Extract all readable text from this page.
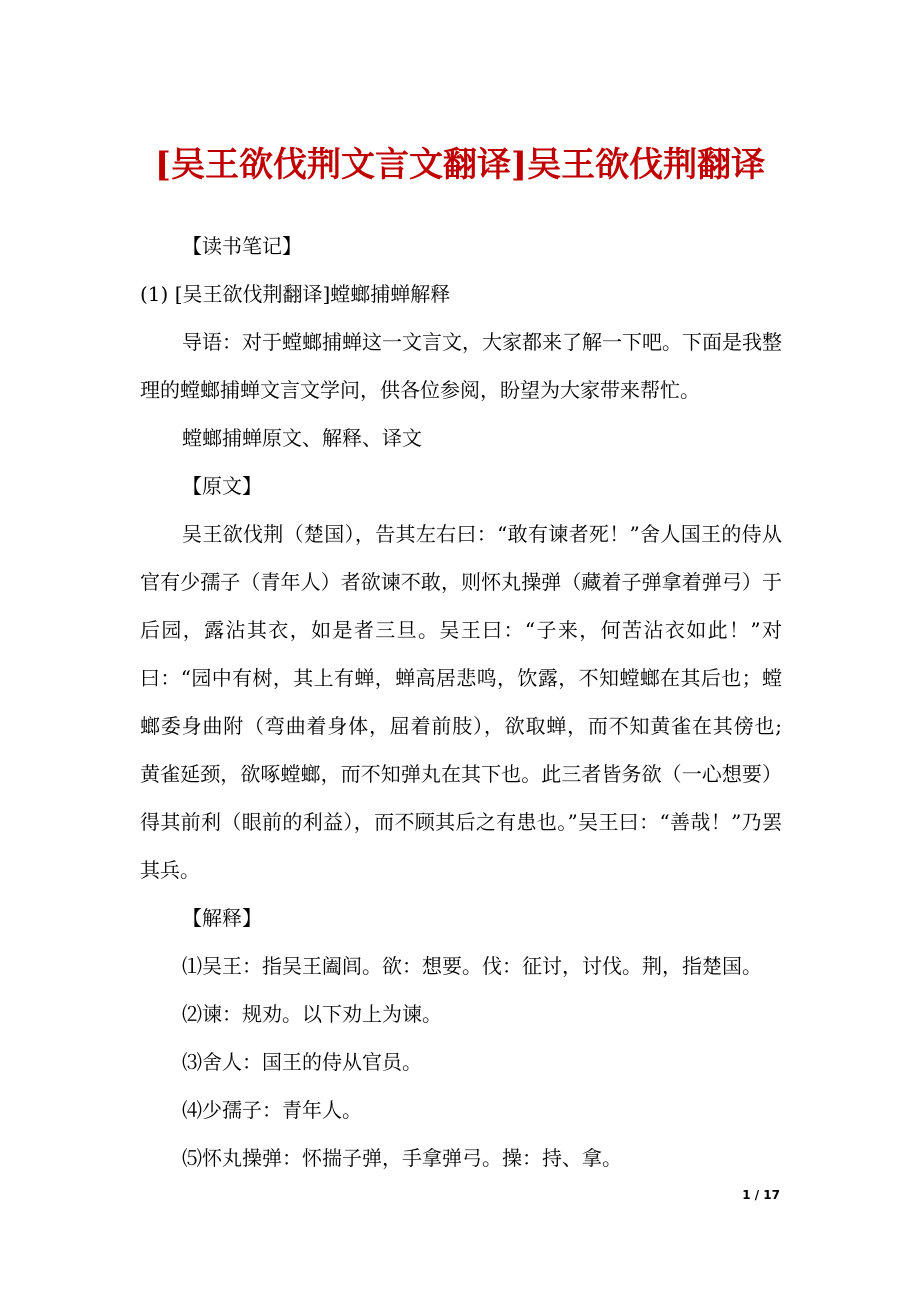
[吴王欲伐荆文言文翻译]吴王欲伐荆翻译
【读书笔记】
(1) [吴王欲伐荆翻译]螳螂捕蝉解释

导语：对于螳螂捕蝉这一文言文，大家都来了解一下吧。下面是我整理的螳螂捕蝉文言文学问，供各位参阅，盼望为大家带来帮忙。

螳螂捕蝉原文、解释、译文
【原文】

吴王欲伐荆（楚国），告其左右曰：“敢有谏者死！”舍人国王的侍从官有少孺子（青年人）者欲谏不敢，则怀丸操弹（藏着子弹拿着弹弓）于后园，露沾其衣，如是者三旦。吴王曰：“子来，何苦沾衣如此！”对曰：“园中有树，其上有蝉，蝉高居悲鸣，饮露，不知螳螂在其后也；螳螂委身曲附（弯曲着身体，屈着前肢），欲取蝉，而不知黄雀在其傍也; 黄雀延颈，欲啄螳螂，而不知弹丸在其下也。此三者皆务欲（一心想要）得其前利（眼前的利益），而不顾其后之有患也。”吴王曰：“善哉！”乃罢其兵。

【解释】
⑴吴王：指吴王阖闾。欲：想要。伐：征讨，讨伐。荆，指楚国。
⑵谏：规劝。以下劝上为谏。
⑶舍人：国王的侍从官员。
⑷少孺子：青年人。
⑸怀丸操弹：怀揣子弹，手拿弹弓。操：持、拿。
1 / 17
